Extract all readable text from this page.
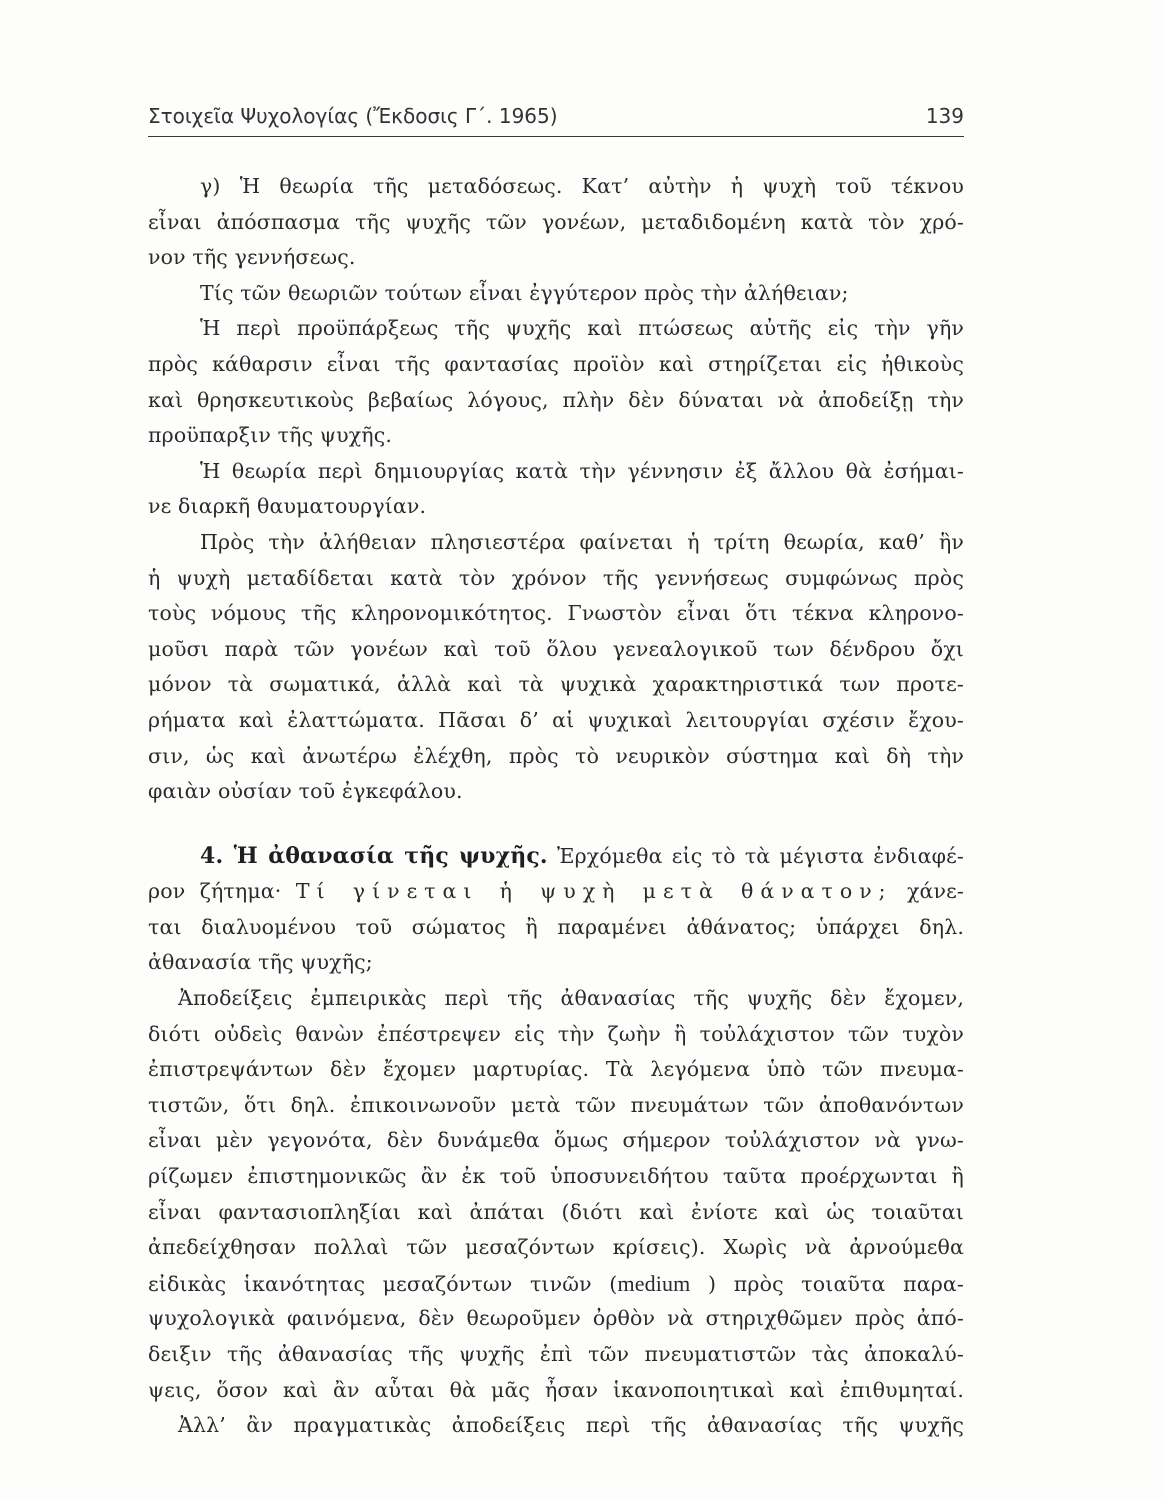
Στοιχεῖα Ψυχολογίας (Ἔκδοσις Γ΄. 1965)	139
γ) Ἡ θεωρία τῆς μεταδόσεως. Κατ’ αὐτὴν ἡ ψυχὴ τοῦ τέκνου
εἶναι ἀπόσπασμα τῆς ψυχῆς τῶν γονέων, μεταδιδομένη κατὰ τὸν χρό-
νον τῆς γεννήσεως.
Τίς τῶν θεωριῶν τούτων εἶναι ἐγγύτερον πρὸς τὴν ἀλήθειαν;
Ἡ περὶ προϋπάρξεως τῆς ψυχῆς καὶ πτώσεως αὐτῆς εἰς τὴν γῆν
πρὸς κάθαρσιν εἶναι τῆς φαντασίας προϊὸν καὶ στηρίζεται εἰς ἠθικοὺς
καὶ θρησκευτικοὺς βεβαίως λόγους, πλὴν δὲν δύναται νὰ ἀποδείξῃ τὴν
προϋπαρξιν τῆς ψυχῆς.
Ἡ θεωρία περὶ δημιουργίας κατὰ τὴν γέννησιν ἐξ ἄλλου θὰ ἐσήμαι-
νε διαρκῆ θαυματουργίαν.
Πρὸς τὴν ἀλήθειαν πλησιεστέρα φαίνεται ἡ τρίτη θεωρία, καθ’ ἣν
ἡ ψυχὴ μεταδίδεται κατὰ τὸν χρόνον τῆς γεννήσεως συμφώνως πρὸς
τοὺς νόμους τῆς κληρονομικότητος. Γνωστὸν εἶναι ὅτι τέκνα κληρονο-
μοῦσι παρὰ τῶν γονέων καὶ τοῦ ὅλου γενεαλογικοῦ των δένδρου ὄχι
μόνον τὰ σωματικά, ἀλλὰ καὶ τὰ ψυχικὰ χαρακτηριστικά των προτε-
ρήματα καὶ ἐλαττώματα. Πᾶσαι δ’ αἱ ψυχικαὶ λειτουργίαι σχέσιν ἔχου-
σιν, ὡς καὶ ἀνωτέρω ἐλέχθη, πρὸς τὸ νευρικὸν σύστημα καὶ δὴ τὴν
φαιὰν οὐσίαν τοῦ ἐγκεφάλου.
4. Ἡ ἀθανασία τῆς ψυχῆς. Ἐρχόμεθα εἰς τὸ τὰ μέγιστα ἐνδιαφέ-
ρον ζήτημα· Τί γίνεται ἡ ψυχὴ μετὰ θάνατον; χάνε-
ται διαλυομένου τοῦ σώματος ἢ παραμένει ἀθάνατος; ὑπάρχει δηλ.
ἀθανασία τῆς ψυχῆς;
Ἀποδείξεις ἐμπειρικὰς περὶ τῆς ἀθανασίας τῆς ψυχῆς δὲν ἔχομεν,
διότι οὐδεὶς θανὼν ἐπέστρεψεν εἰς τὴν ζωὴν ἢ τοὐλάχιστον τῶν τυχὸν
ἐπιστρεψάντων δὲν ἔχομεν μαρτυρίας. Τὰ λεγόμενα ὑπὸ τῶν πνευμα-
τιστῶν, ὅτι δηλ. ἐπικοινωνοῦν μετὰ τῶν πνευμάτων τῶν ἀποθανόντων
εἶναι μὲν γεγονότα, δὲν δυνάμεθα ὅμως σήμερον τοὐλάχιστον νὰ γνω-
ρίζωμεν ἐπιστημονικῶς ἂν ἐκ τοῦ ὑποσυνειδήτου ταῦτα προέρχωνται ἢ
εἶναι φαντασιοπληξίαι καὶ ἀπάται (διότι καὶ ἐνίοτε καὶ ὡς τοιαῦται
ἀπεδείχθησαν πολλαὶ τῶν μεσαζόντων κρίσεις). Χωρὶς νὰ ἀρνούμεθα
εἰδικὰς ἱκανότητας μεσαζόντων τινῶν (medium ) πρὸς τοιαῦτα παρα-
ψυχολογικὰ φαινόμενα, δὲν θεωροῦμεν ὀρθὸν νὰ στηριχθῶμεν πρὸς ἀπό-
δειξιν τῆς ἀθανασίας τῆς ψυχῆς ἐπὶ τῶν πνευματιστῶν τὰς ἀποκαλύ-
ψεις, ὅσον καὶ ἂν αὗται θὰ μᾶς ἦσαν ἱκανοποιητικαὶ καὶ ἐπιθυμηταί.
Ἀλλ’ ἂν πραγματικὰς ἀποδείξεις περὶ τῆς ἀθανασίας τῆς ψυχῆς
